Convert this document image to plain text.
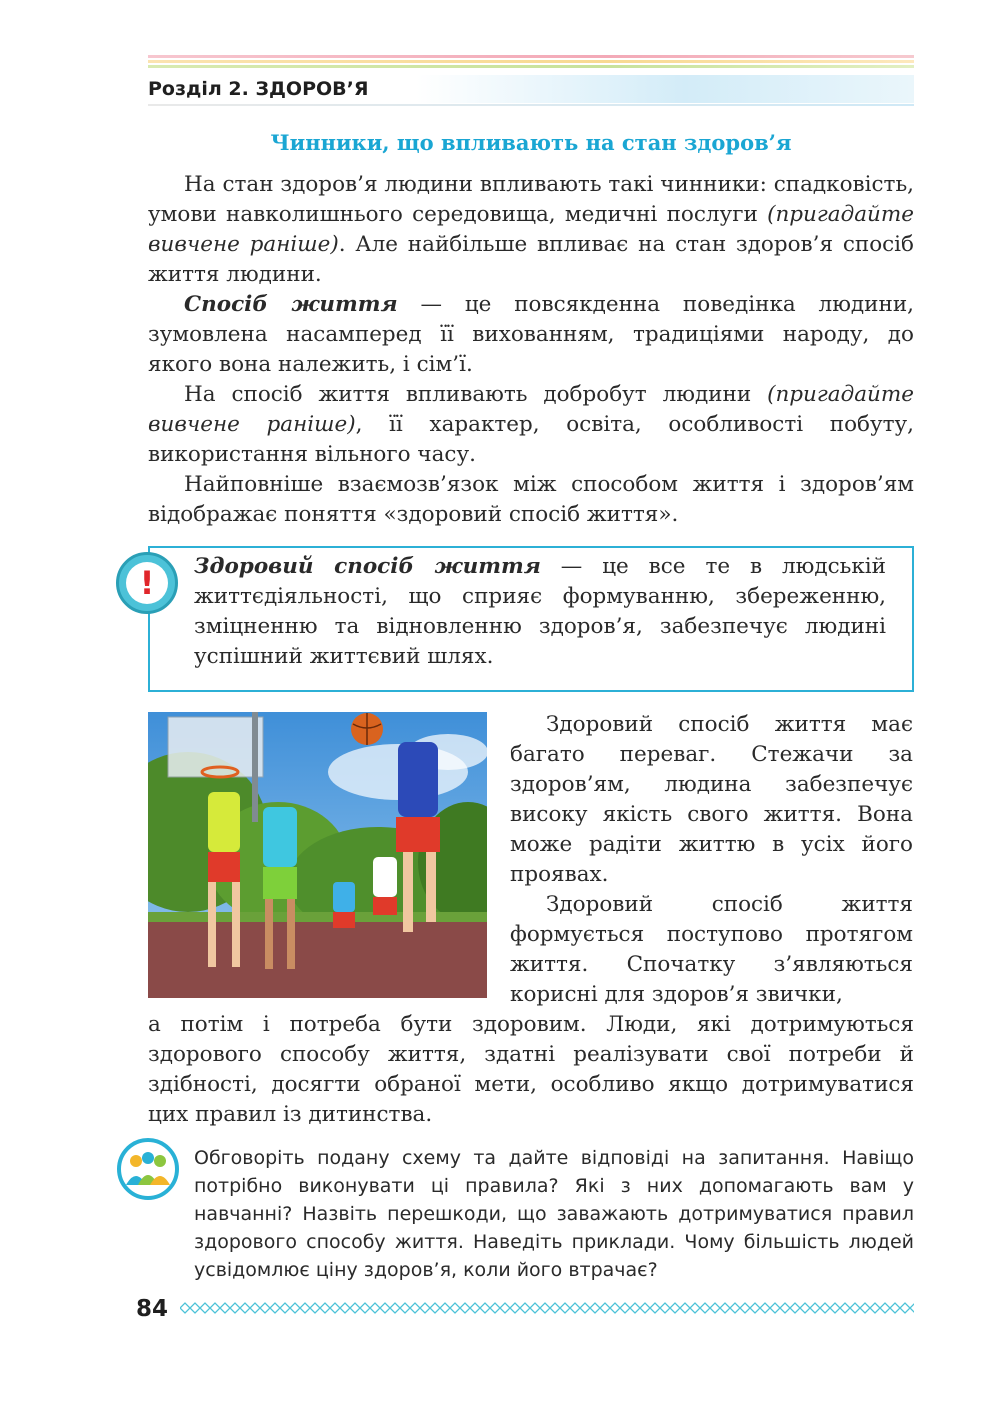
Розділ 2. ЗДОРОВ’Я
Чинники, що впливають на стан здоров’я

На стан здоров’я людини впливають такі чинники: спадковість, умови навколишнього середовища, медичні послуги (пригадайте вивчене раніше). Але найбільше впливає на стан здоров’я спосіб життя людини.

Спосіб життя — це повсякденна поведінка людини, зумовлена насамперед її вихованням, традиціями народу, до якого вона належить, і сім’ї.

На спосіб життя впливають добробут людини (пригадайте вивчене раніше), її характер, освіта, особливості побуту, використання вільного часу.

Найповніше взаємозв’язок між способом життя і здоров’ям відображає поняття «здоровий спосіб життя».

!	Здоровий спосіб життя — це все те в людській життєдіяльності, що сприяє формуванню, збереженню, зміцненню та відновленню здоров’я, забезпечує людині успішний життєвий шлях.

Здоровий спосіб життя має багато переваг. Стежачи за здоров’ям, людина забезпечує високу якість свого життя. Вона може радіти життю в усіх його проявах.

Здоровий спосіб життя формується поступово протягом життя. Спочатку з’являються корисні для здоров’я звички,

а потім і потреба бути здоровим. Люди, які дотримуються здорового способу життя, здатні реалізувати свої потреби й здібності, досягти обраної мети, особливо якщо дотримуватися цих правил із дитинства.

Обговоріть подану схему та дайте відповіді на запитання. Навіщо потрібно виконувати ці правила? Які з них допомагають вам у навчанні? Назвіть перешкоди, що заважають дотримуватися правил здорового способу життя. Наведіть приклади. Чому більшість людей усвідомлює ціну здоров’я, коли його втрачає?

84
